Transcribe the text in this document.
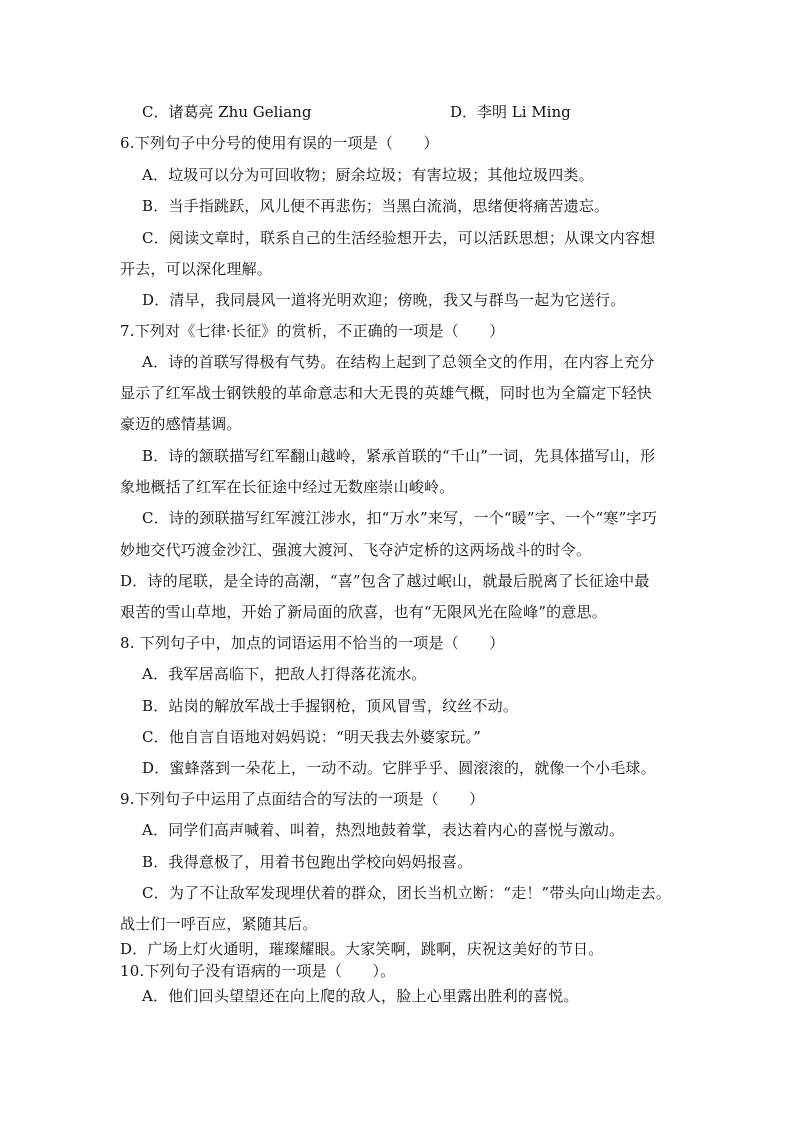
C．诸葛亮 Zhu Geliang	D．李明 Li Ming
6.下列句子中分号的使用有误的一项是（　　）
A．垃圾可以分为可回收物；厨余垃圾；有害垃圾；其他垃圾四类。
B．当手指跳跃，风儿便不再悲伤；当黑白流淌，思绪便将痛苦遗忘。
C．阅读文章时，联系自己的生活经验想开去，可以活跃思想；从课文内容想
开去，可以深化理解。
D．清早，我同晨风一道将光明欢迎；傍晚，我又与群鸟一起为它送行。
7.下列对《七律·长征》的赏析，不正确的一项是（　　）
A．诗的首联写得极有气势。在结构上起到了总领全文的作用，在内容上充分
显示了红军战士钢铁般的革命意志和大无畏的英雄气概，同时也为全篇定下轻快
豪迈的感情基调。
B．诗的颔联描写红军翻山越岭，紧承首联的“千山”一词，先具体描写山，形
象地概括了红军在长征途中经过无数座崇山峻岭。
C．诗的颈联描写红军渡江涉水，扣“万水”来写，一个“暖”字、一个“寒”字巧
妙地交代巧渡金沙江、强渡大渡河、飞夺泸定桥的这两场战斗的时令。
D．诗的尾联，是全诗的高潮，“喜”包含了越过岷山，就最后脱离了长征途中最
艰苦的雪山草地，开始了新局面的欣喜，也有“无限风光在险峰”的意思。
8. 下列句子中，加点的词语运用不恰当的一项是（　　）
A．我军居高临下，把敌人打得落花流水。
B．站岗的解放军战士手握钢枪，顶风冒雪，纹丝不动。
C．他自言自语地对妈妈说：“明天我去外婆家玩。”
D．蜜蜂落到一朵花上，一动不动。它胖乎乎、圆滚滚的，就像一个小毛球。
9.下列句子中运用了点面结合的写法的一项是（　　）
A．同学们高声喊着、叫着，热烈地鼓着掌，表达着内心的喜悦与激动。
B．我得意极了，用着书包跑出学校向妈妈报喜。
C．为了不让敌军发现埋伏着的群众，团长当机立断：“走！”带头向山坳走去。
战士们一呼百应，紧随其后。
D．广场上灯火通明，璀璨耀眼。大家笑啊，跳啊，庆祝这美好的节日。
10.下列句子没有语病的一项是（　　）。
A．他们回头望望还在向上爬的敌人，脸上心里露出胜利的喜悦。
